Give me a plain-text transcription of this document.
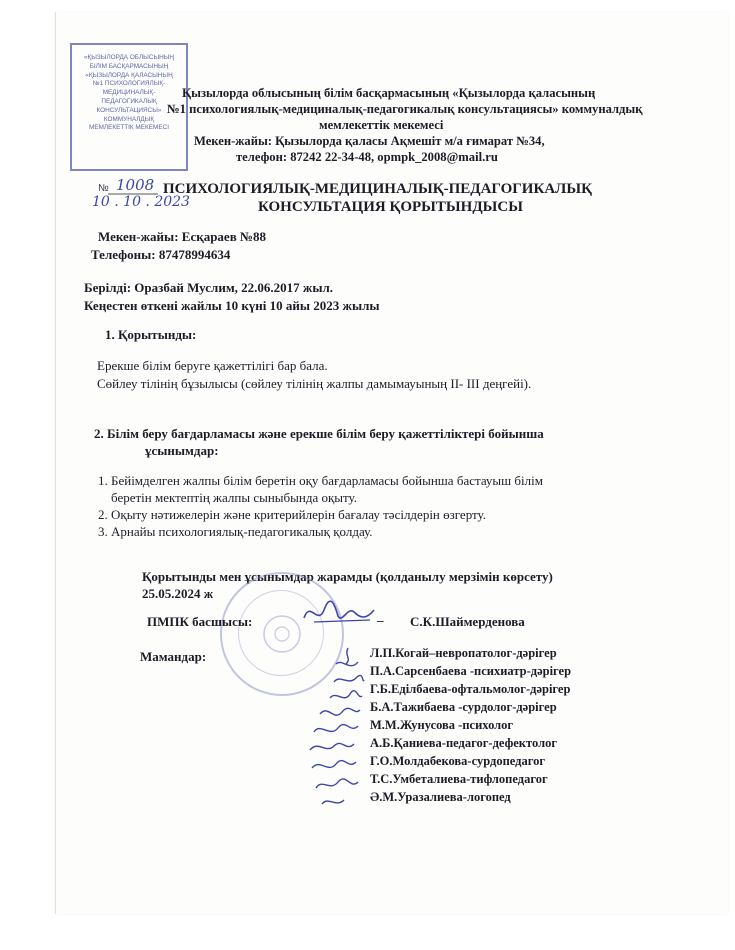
«ҚЫЗЫЛОРДА ОБЛЫСЫНЫҢ
БІЛІМ БАСҚАРМАСЫНЫҢ
«ҚЫЗЫЛОРДА ҚАЛАСЫНЫҢ
№1 ПСИХОЛОГИЯЛЫҚ-
МЕДИЦИНАЛЫҚ-
ПЕДАГОГИКАЛЫҚ
КОНСУЛЬТАЦИЯСЫ»
КОММУНАЛДЫҚ
МЕМЛЕКЕТТІК МЕКЕМЕСІ
№ 1008
10 . 10 . 2023
Қызылорда облысының білім басқармасының «Қызылорда қаласының
№1 психологиялық-медициналық-педагогикалық консультациясы» коммуналдық
мемлекеттік мекемесі
Мекен-жайы: Қызылорда қаласы Ақмешіт м/а ғимарат №34,
телефон: 87242 22-34-48, opmpk_2008@mail.ru
ПСИХОЛОГИЯЛЫҚ-МЕДИЦИНАЛЫҚ-ПЕДАГОГИКАЛЫҚ
КОНСУЛЬТАЦИЯ ҚОРЫТЫНДЫСЫ
Мекен-жайы: Есқараев №88
Телефоны: 87478994634
Берілді: Оразбай Муслим, 22.06.2017 жыл.
Кеңестен өткені жайлы 10 күні 10 айы 2023 жылы
1. Қорытынды:
Ерекше білім беруге қажеттілігі бар бала.
Сөйлеу тілінің бұзылысы (сөйлеу тілінің жалпы дамымауының ІІ- ІІІ деңгейі).
2. Білім беру бағдарламасы және ерекше білім беру қажеттіліктері бойынша
ұсынымдар:
1. Бейімделген жалпы білім беретін оқу бағдарламасы бойынша бастауыш білім
беретін мектептің жалпы сыныбында оқыту.
2. Оқыту нәтижелерін және критерийлерін бағалау тәсілдерін өзгерту.
3. Арнайы психологиялық-педагогикалық қолдау.
Қорытынды мен ұсынымдар жарамды (қолданылу мерзімін көрсету)
25.05.2024 ж
ПМПК басшысы:	_ С.К.Шаймерденова
Мамандар:	Л.П.Когай–невропатолог-дәрігер
П.А.Сарсенбаева -психиатр-дәрігер
Г.Б.Еділбаева-офтальмолог-дәрігер
Б.А.Тажибаева -сурдолог-дәрігер
М.М.Жунусова -психолог
А.Б.Қаниева-педагог-дефектолог
Г.О.Молдабекова-сурдопедагог
Т.С.Умбеталиева-тифлопедагог
Ә.М.Уразалиева-логопед
